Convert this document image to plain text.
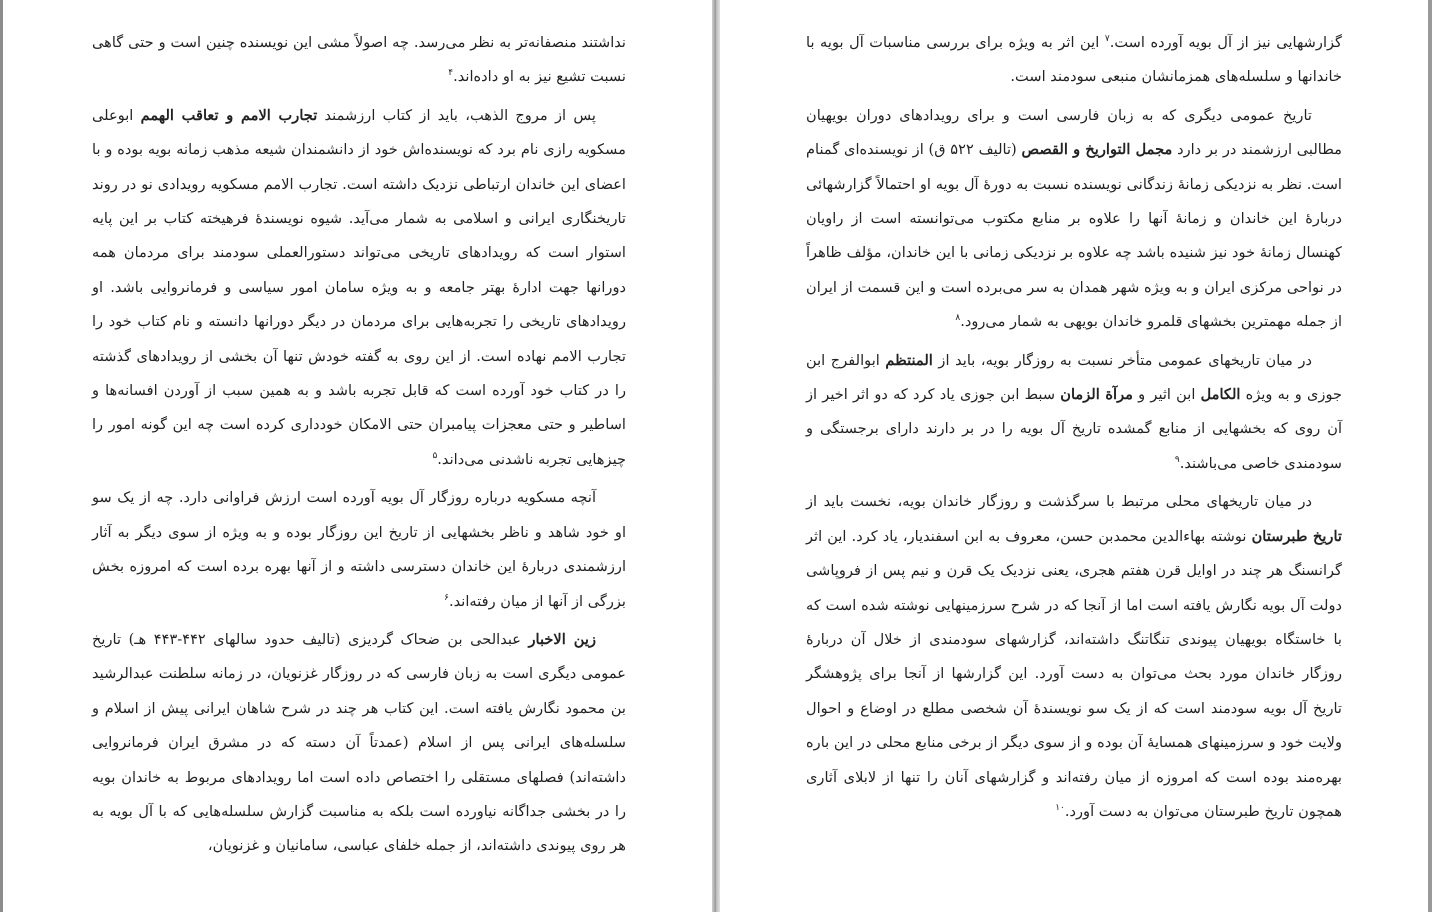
نداشتند منصفانه‌تر به نظر می‌رسد. چه اصولاً مشی این نویسنده چنین است و حتی گاهی نسبت تشیع نیز به او داده‌اند.$^۴$

پس از مروج الذهب، باید از کتاب ارزشمند تجارب الامم و تعاقب الهمم ابوعلی مسکویه رازی نام برد که نویسنده‌اش خود از دانشمندان شیعه مذهب زمانه بویه بوده و با اعضای این خاندان ارتباطی نزدیک داشته است. تجارب الامم مسکویه رویدادی نو در روند تاریخنگاری ایرانی و اسلامی به شمار می‌آید. شیوه نویسندهٔ فرهیخته کتاب بر این پایه استوار است که رویدادهای تاریخی می‌تواند دستورالعملی سودمند برای مردمان همه دورانها جهت ادارهٔ بهتر جامعه و به ویژه سامان امور سیاسی و فرمانروایی باشد. او رویدادهای تاریخی را تجربه‌هایی برای مردمان در دیگر دورانها دانسته و نام کتاب خود را تجارب الامم نهاده است. از این روی به گفته خودش تنها آن بخشی از رویدادهای گذشته را در کتاب خود آورده است که قابل تجربه باشد و به همین سبب از آوردن افسانه‌ها و اساطیر و حتی معجزات پیامبران حتی الامکان خودداری کرده است چه این گونه امور را چیزهایی تجربه ناشدنی می‌داند.$^۵$

آنچه مسکویه درباره روزگار آل بویه آورده است ارزش فراوانی دارد. چه از یک سو او خود شاهد و ناظر بخشهایی از تاریخ این روزگار بوده و به ویژه از سوی دیگر به آثار ارزشمندی دربارهٔ این خاندان دسترسی داشته و از آنها بهره برده است که امروزه بخش بزرگی از آنها از میان رفته‌اند.$^۶$

زین الاخبار عبدالحی بن ضحاک گردیزی (تالیف حدود سالهای ۴۴۲-۴۴۳ هـ) تاریخ عمومی دیگری است به زبان فارسی که در روزگار غزنویان، در زمانه سلطنت عبدالرشید بن محمود نگارش یافته است. این کتاب هر چند در شرح شاهان ایرانی پیش از اسلام و سلسله‌های ایرانی پس از اسلام (عمدتاً آن دسته که در مشرق ایران فرمانروایی داشته‌اند) فصلهای مستقلی را اختصاص داده است اما رویدادهای مربوط به خاندان بویه را در بخشی جداگانه نیاورده است بلکه به مناسبت گزارش سلسله‌هایی که با آل بویه به هر روی پیوندی داشته‌اند، از جمله خلفای عباسی، سامانیان و غزنویان،

گزارشهایی نیز از آل بویه آورده است.$^۷$ این اثر به ویژه برای بررسی مناسبات آل بویه با خاندانها و سلسله‌های همزمانشان منبعی سودمند است.

تاریخ عمومی دیگری که به زبان فارسی است و برای رویدادهای دوران بویهیان مطالبی ارزشمند در بر دارد مجمل التواریخ و القصص (تالیف ۵۲۲ ق) از نویسنده‌ای گمنام است. نظر به نزدیکی زمانهٔ زندگانی نویسنده نسبت به دورهٔ آل بویه او احتمالاً گزارشهائی دربارهٔ این خاندان و زمانهٔ آنها را علاوه بر منابع مکتوب می‌توانسته است از راویان کهنسال زمانهٔ خود نیز شنیده باشد چه علاوه بر نزدیکی زمانی با این خاندان، مؤلف ظاهراً در نواحی مرکزی ایران و به ویژه شهر همدان به سر می‌برده است و این قسمت از ایران از جمله مهمترین بخشهای قلمرو خاندان بویهی به شمار می‌رود.$^۸$

در میان تاریخهای عمومی متأخر نسبت به روزگار بویه، باید از المنتظم ابوالفرج ابن جوزی و به ویژه الکامل ابن اثیر و مرآة الزمان سبط ابن جوزی یاد کرد که دو اثر اخیر از آن روی که بخشهایی از منابع گمشده تاریخ آل بویه را در بر دارند دارای برجستگی و سودمندی خاصی می‌باشند.$^۹$

در میان تاریخهای محلی مرتبط با سرگذشت و روزگار خاندان بویه، نخست باید از تاریخ طبرستان نوشته بهاءالدین محمدبن حسن، معروف به ابن اسفندیار، یاد کرد. این اثر گرانسنگ هر چند در اوایل قرن هفتم هجری، یعنی نزدیک یک قرن و نیم پس از فروپاشی دولت آل بویه نگارش یافته است اما از آنجا که در شرح سرزمینهایی نوشته شده است که با خاستگاه بویهیان پیوندی تنگاتنگ داشته‌اند، گزارشهای سودمندی از خلال آن دربارهٔ روزگار خاندان مورد بحث می‌توان به دست آورد. این گزارشها از آنجا برای پژوهشگر تاریخ آل بویه سودمند است که از یک سو نویسندهٔ آن شخصی مطلع در اوضاع و احوال ولایت خود و سرزمینهای همسایهٔ آن بوده و از سوی دیگر از برخی منابع محلی در این باره بهره‌مند بوده است که امروزه از میان رفته‌اند و گزارشهای آنان را تنها از لابلای آثاری همچون تاریخ طبرستان می‌توان به دست آورد.$^{۱۰}$
